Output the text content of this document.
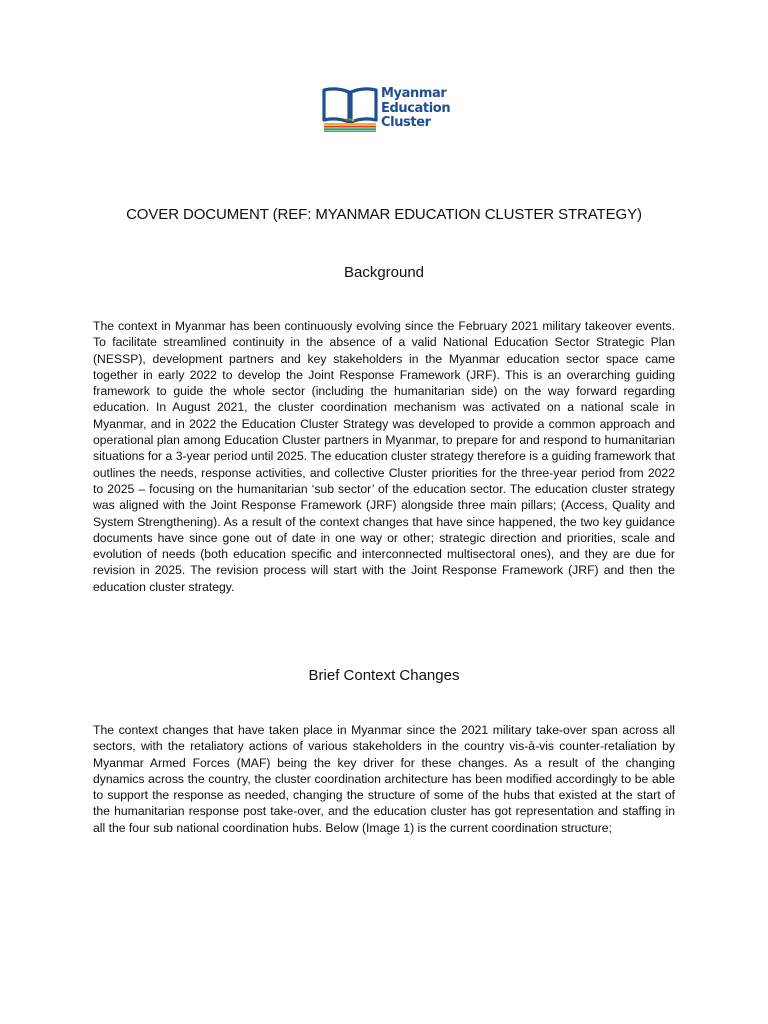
Myanmar
Education
Cluster
COVER DOCUMENT (REF: MYANMAR EDUCATION CLUSTER STRATEGY)
Background

The context in Myanmar has been continuously evolving since the February 2021 military takeover events. To facilitate streamlined continuity in the absence of a valid National Education Sector Strategic Plan (NESSP), development partners and key stakeholders in the Myanmar education sector space came together in early 2022 to develop the Joint Response Framework (JRF). This is an overarching guiding framework to guide the whole sector (including the humanitarian side) on the way forward regarding education. In August 2021, the cluster coordination mechanism was activated on a national scale in Myanmar, and in 2022 the Education Cluster Strategy was developed to provide a common approach and operational plan among Education Cluster partners in Myanmar, to prepare for and respond to humanitarian situations for a 3-year period until 2025. The education cluster strategy therefore is a guiding framework that outlines the needs, response activities, and collective Cluster priorities for the three-year period from 2022 to 2025 – focusing on the humanitarian ‘sub sector’ of the education sector. The education cluster strategy was aligned with the Joint Response Framework (JRF) alongside three main pillars; (Access, Quality and System Strengthening). As a result of the context changes that have since happened, the two key guidance documents have since gone out of date in one way or other; strategic direction and priorities, scale and evolution of needs (both education specific and interconnected multisectoral ones), and they are due for revision in 2025. The revision process will start with the Joint Response Framework (JRF) and then the education cluster strategy.

Brief Context Changes

The context changes that have taken place in Myanmar since the 2021 military take-over span across all sectors, with the retaliatory actions of various stakeholders in the country vis-à-vis counter-retaliation by Myanmar Armed Forces (MAF) being the key driver for these changes. As a result of the changing dynamics across the country, the cluster coordination architecture has been modified accordingly to be able to support the response as needed, changing the structure of some of the hubs that existed at the start of the humanitarian response post take-over, and the education cluster has got representation and staffing in all the four sub national coordination hubs. Below (Image 1) is the current coordination structure;
